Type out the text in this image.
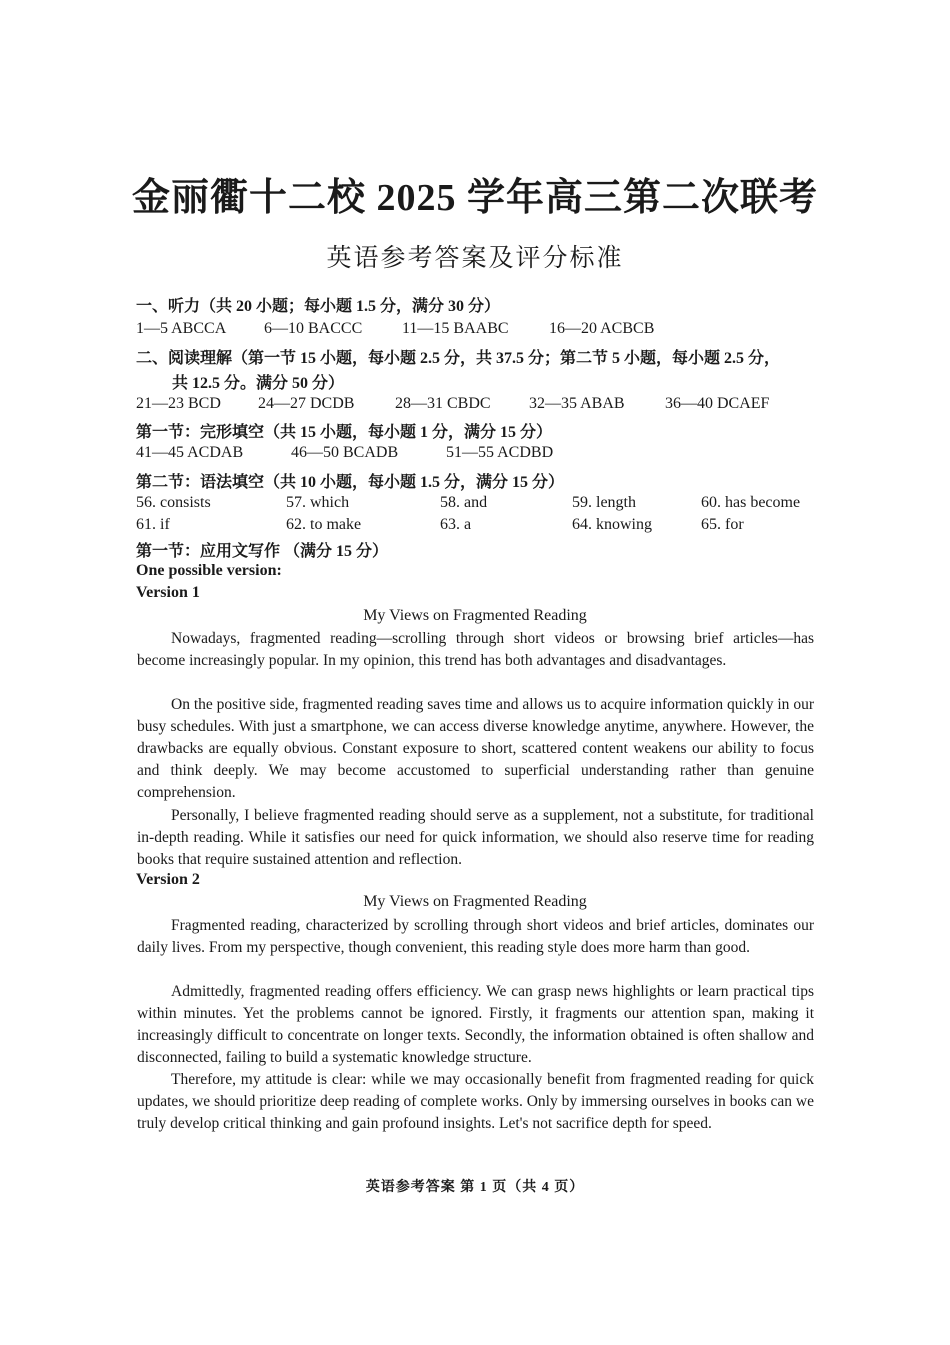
金丽衢十二校 2025 学年高三第二次联考
英语参考答案及评分标准
一、听力（共 20 小题；每小题 1.5 分，满分 30 分）
1—5 ABCCA 6—10 BACCC 11—15 BAABC	16—20 ACBCB
二、阅读理解（第一节 15 小题，每小题 2.5 分，共 37.5 分；第二节 5 小题，每小题 2.5 分，
共 12.5 分。满分 50 分）
21—23 BCD 24—27 DCDB	28—31 CBDC 32—35 ABAB	36—40 DCAEF
第一节：完形填空（共 15 小题，每小题 1 分，满分 15 分）
41—45 ACDAB	46—50 BCADB	51—55 ACDBD
第二节：语法填空（共 10 小题，每小题 1.5 分，满分 15 分）
56. consists	57. which	58. and	59. length	60. has become
61. if	62. to make	63. a	64. knowing	65. for
第一节：应用文写作 （满分 15 分）
One possible version:
Version 1
My Views on Fragmented Reading

Nowadays, fragmented reading—scrolling through short videos or browsing brief articles—has become increasingly popular. In my opinion, this trend has both advantages and disadvantages.

On the positive side, fragmented reading saves time and allows us to acquire information quickly in our busy schedules. With just a smartphone, we can access diverse knowledge anytime, anywhere. However, the drawbacks are equally obvious. Constant exposure to short, scattered content weakens our ability to focus and think deeply. We may become accustomed to superficial understanding rather than genuine comprehension.

Personally, I believe fragmented reading should serve as a supplement, not a substitute, for traditional in-depth reading. While it satisfies our need for quick information, we should also reserve time for reading books that require sustained attention and reflection.

Version 2
My Views on Fragmented Reading

Fragmented reading, characterized by scrolling through short videos and brief articles, dominates our daily lives. From my perspective, though convenient, this reading style does more harm than good.

Admittedly, fragmented reading offers efficiency. We can grasp news highlights or learn practical tips within minutes. Yet the problems cannot be ignored. Firstly, it fragments our attention span, making it increasingly difficult to concentrate on longer texts. Secondly, the information obtained is often shallow and disconnected, failing to build a systematic knowledge structure.

Therefore, my attitude is clear: while we may occasionally benefit from fragmented reading for quick updates, we should prioritize deep reading of complete works. Only by immersing ourselves in books can we truly develop critical thinking and gain profound insights. Let's not sacrifice depth for speed.

英语参考答案 第 1 页（共 4 页）
